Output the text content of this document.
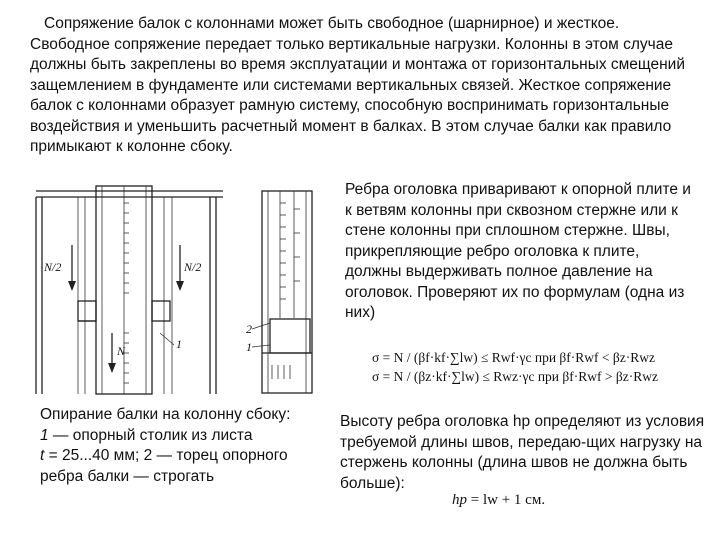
Сопряжение балок с колоннами может быть свободное (шарнирное) и жесткое. Свободное сопряжение передает только вертикальные нагрузки. Колонны в этом случае должны быть закреплены во время эксплуатации и монтажа от горизонтальных смещений защемлением в фундаменте или системами вертикальных связей. Жесткое сопряжение балок с колоннами образует рамную систему, способную воспринимать горизонтальные воздействия и уменьшить расчетный момент в балках. В этом случае балки как правило примыкают к колонне сбоку.

N/2	N/2
N	1
2
1

Ребра оголовка приваривают к опорной плите и к ветвям колонны при сквозном стержне или к стене колонны при сплошном стержне. Швы, прикрепляющие ребро оголовка к плите, должны выдерживать полное давление на оголовок. Проверяют их по формулам (одна из них)

σ = N / (βf·kf·∑lw) ≤ Rwf·γc при βf·Rwf < βz·Rwz
σ = N / (βz·kf·∑lw) ≤ Rwz·γc при βf·Rwf > βz·Rwz
Опирание балки на колонну сбоку:
1 — опорный столик из листа
t = 25...40 мм; 2 — торец опорного
ребра балки — строгать
Высоту ребра оголовка hp определяют из условия требуемой длины швов, передаю-щих нагрузку на стержень колонны (длина швов не должна быть больше):
hp = lw + 1 см.
